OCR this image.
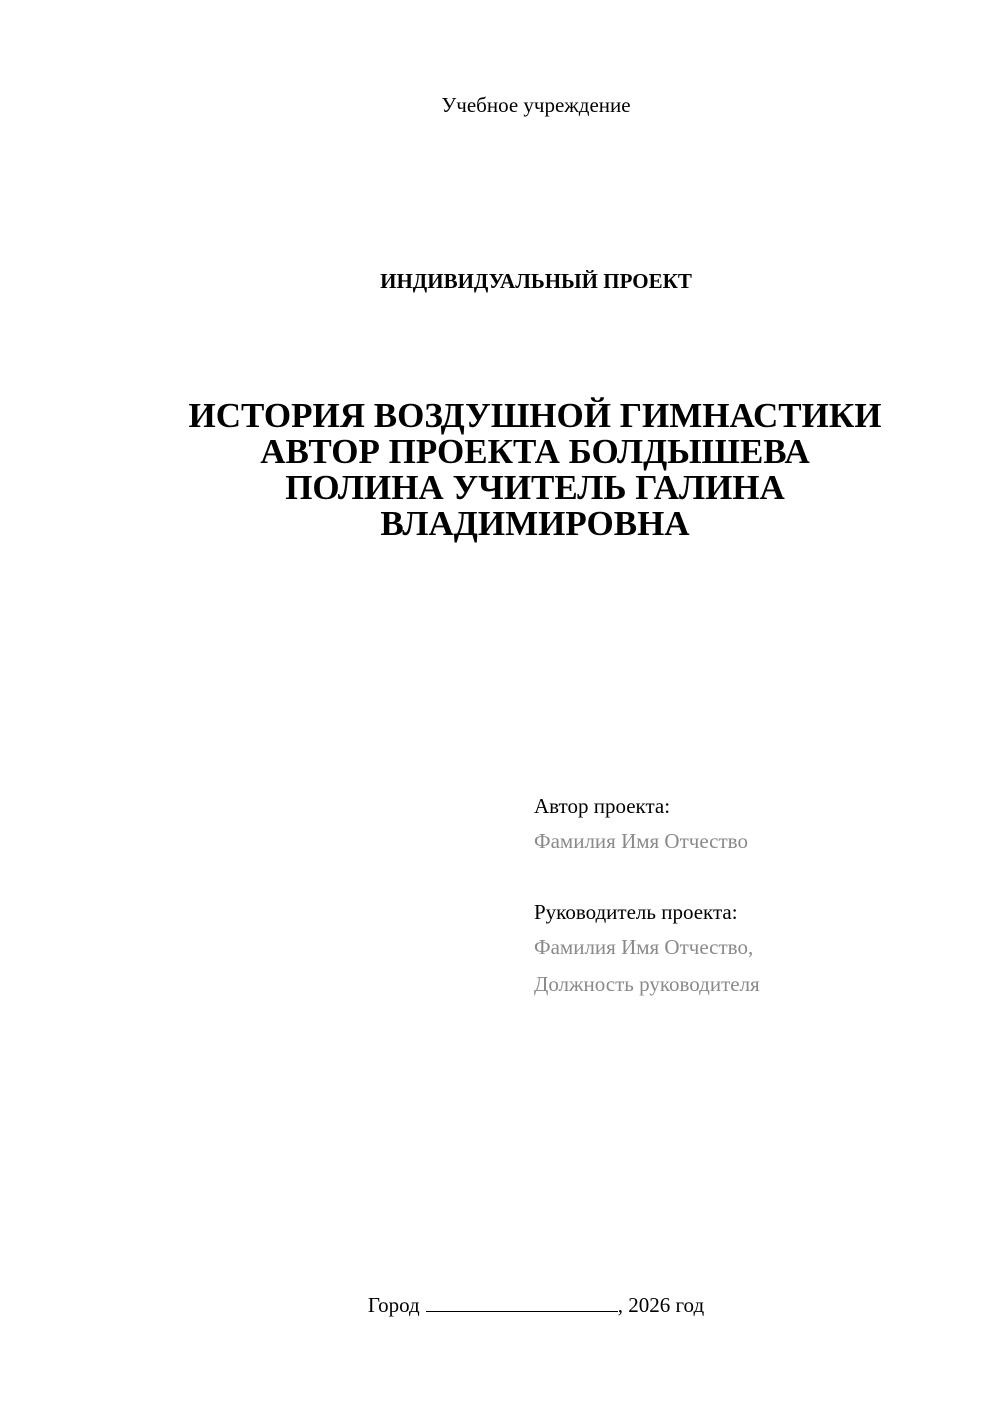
Учебное учреждение
ИНДИВИДУАЛЬНЫЙ ПРОЕКТ
ИСТОРИЯ ВОЗДУШНОЙ ГИМНАСТИКИ
АВТОР ПРОЕКТА БОЛДЫШЕВА
ПОЛИНА УЧИТЕЛЬ ГАЛИНА
ВЛАДИМИРОВНА
Автор проекта:
Фамилия Имя Отчество
Руководитель проекта:
Фамилия Имя Отчество,
Должность руководителя
Город	, 2026 год
